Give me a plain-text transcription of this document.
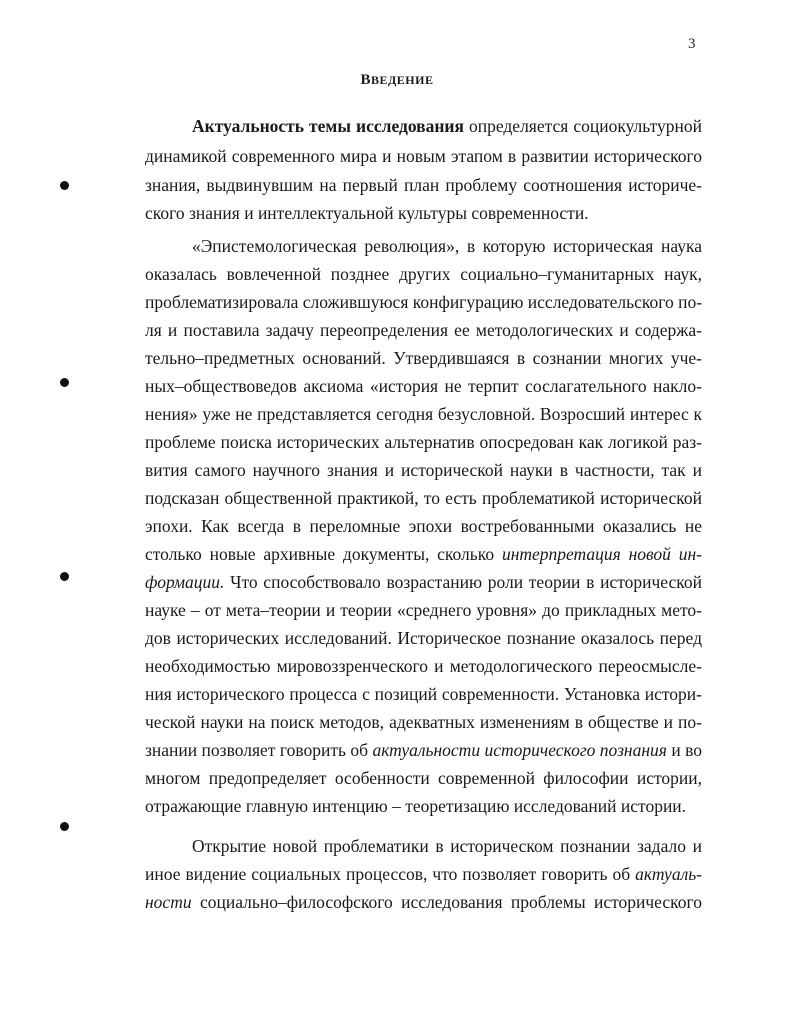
3
ВВЕДЕНИЕ
Актуальность темы исследования определяется социокультурной
динамикой современного мира и новым этапом в развитии исторического
знания, выдвинувшим на первый план проблему соотношения историче-
ского знания и интеллектуальной культуры современности.
«Эпистемологическая революция», в которую историческая наука
оказалась вовлеченной позднее других социально–гуманитарных наук,
проблематизировала сложившуюся конфигурацию исследовательского по-
ля и поставила задачу переопределения ее методологических и содержа-
тельно–предметных оснований. Утвердившаяся в сознании многих уче-
ных–обществоведов аксиома «история не терпит сослагательного накло-
нения» уже не представляется сегодня безусловной. Возросший интерес к
проблеме поиска исторических альтернатив опосредован как логикой раз-
вития самого научного знания и исторической науки в частности, так и
подсказан общественной практикой, то есть проблематикой исторической
эпохи. Как всегда в переломные эпохи востребованными оказались не
столько новые архивные документы, сколько интерпретация новой ин-
формации. Что способствовало возрастанию роли теории в исторической
науке – от мета–теории и теории «среднего уровня» до прикладных мето-
дов исторических исследований. Историческое познание оказалось перед
необходимостью мировоззренческого и методологического переосмысле-
ния исторического процесса с позиций современности. Установка истори-
ческой науки на поиск методов, адекватных изменениям в обществе и по-
знании позволяет говорить об актуальности исторического познания и во
многом предопределяет особенности современной философии истории,
отражающие главную интенцию – теоретизацию исследований истории.
Открытие новой проблематики в историческом познании задало и
иное видение социальных процессов, что позволяет говорить об актуаль-
ности социально–философского исследования проблемы исторического
